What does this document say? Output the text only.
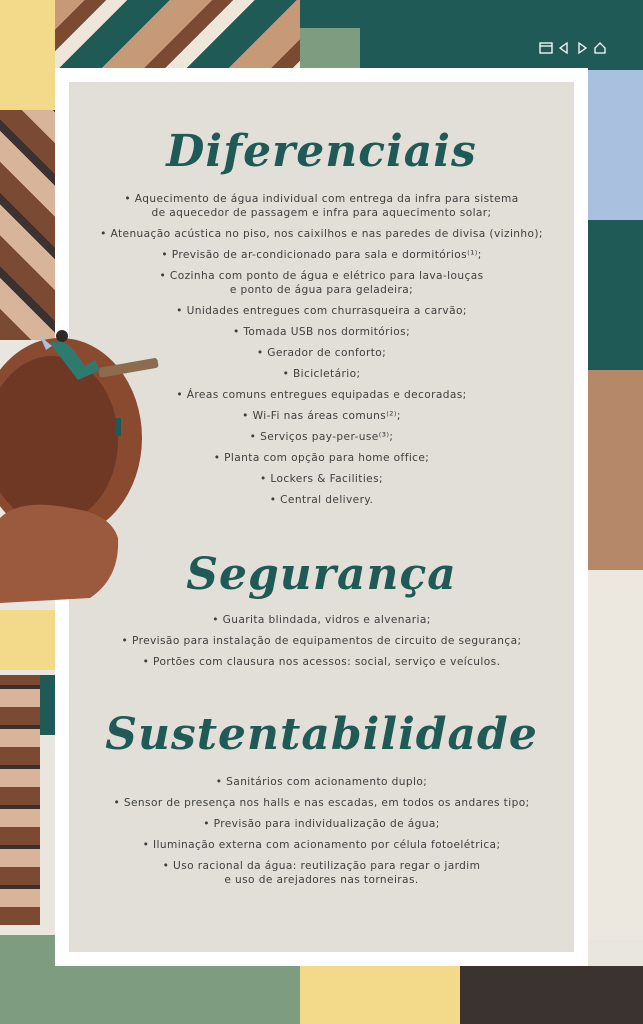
Diferenciais
• Aquecimento de água individual com entrega da infra para sistema
de aquecedor de passagem e infra para aquecimento solar;
• Atenuação acústica no piso, nos caixilhos e nas paredes de divisa (vizinho);
• Previsão de ar-condicionado para sala e dormitórios⁽¹⁾;
• Cozinha com ponto de água e elétrico para lava-louças
e ponto de água para geladeira;
• Unidades entregues com churrasqueira a carvão;
• Tomada USB nos dormitórios;
• Gerador de conforto;
• Bicicletário;
• Áreas comuns entregues equipadas e decoradas;
• Wi-Fi nas áreas comuns⁽²⁾;
• Serviços pay-per-use⁽³⁾;
• Planta com opção para home office;
• Lockers & Facilities;
• Central delivery.
Segurança
• Guarita blindada, vidros e alvenaria;
• Previsão para instalação de equipamentos de circuito de segurança;
• Portões com clausura nos acessos: social, serviço e veículos.
Sustentabilidade
• Sanitários com acionamento duplo;
• Sensor de presença nos halls e nas escadas, em todos os andares tipo;
• Previsão para individualização de água;
• Iluminação externa com acionamento por célula fotoelétrica;
• Uso racional da água: reutilização para regar o jardim
e uso de arejadores nas torneiras.
